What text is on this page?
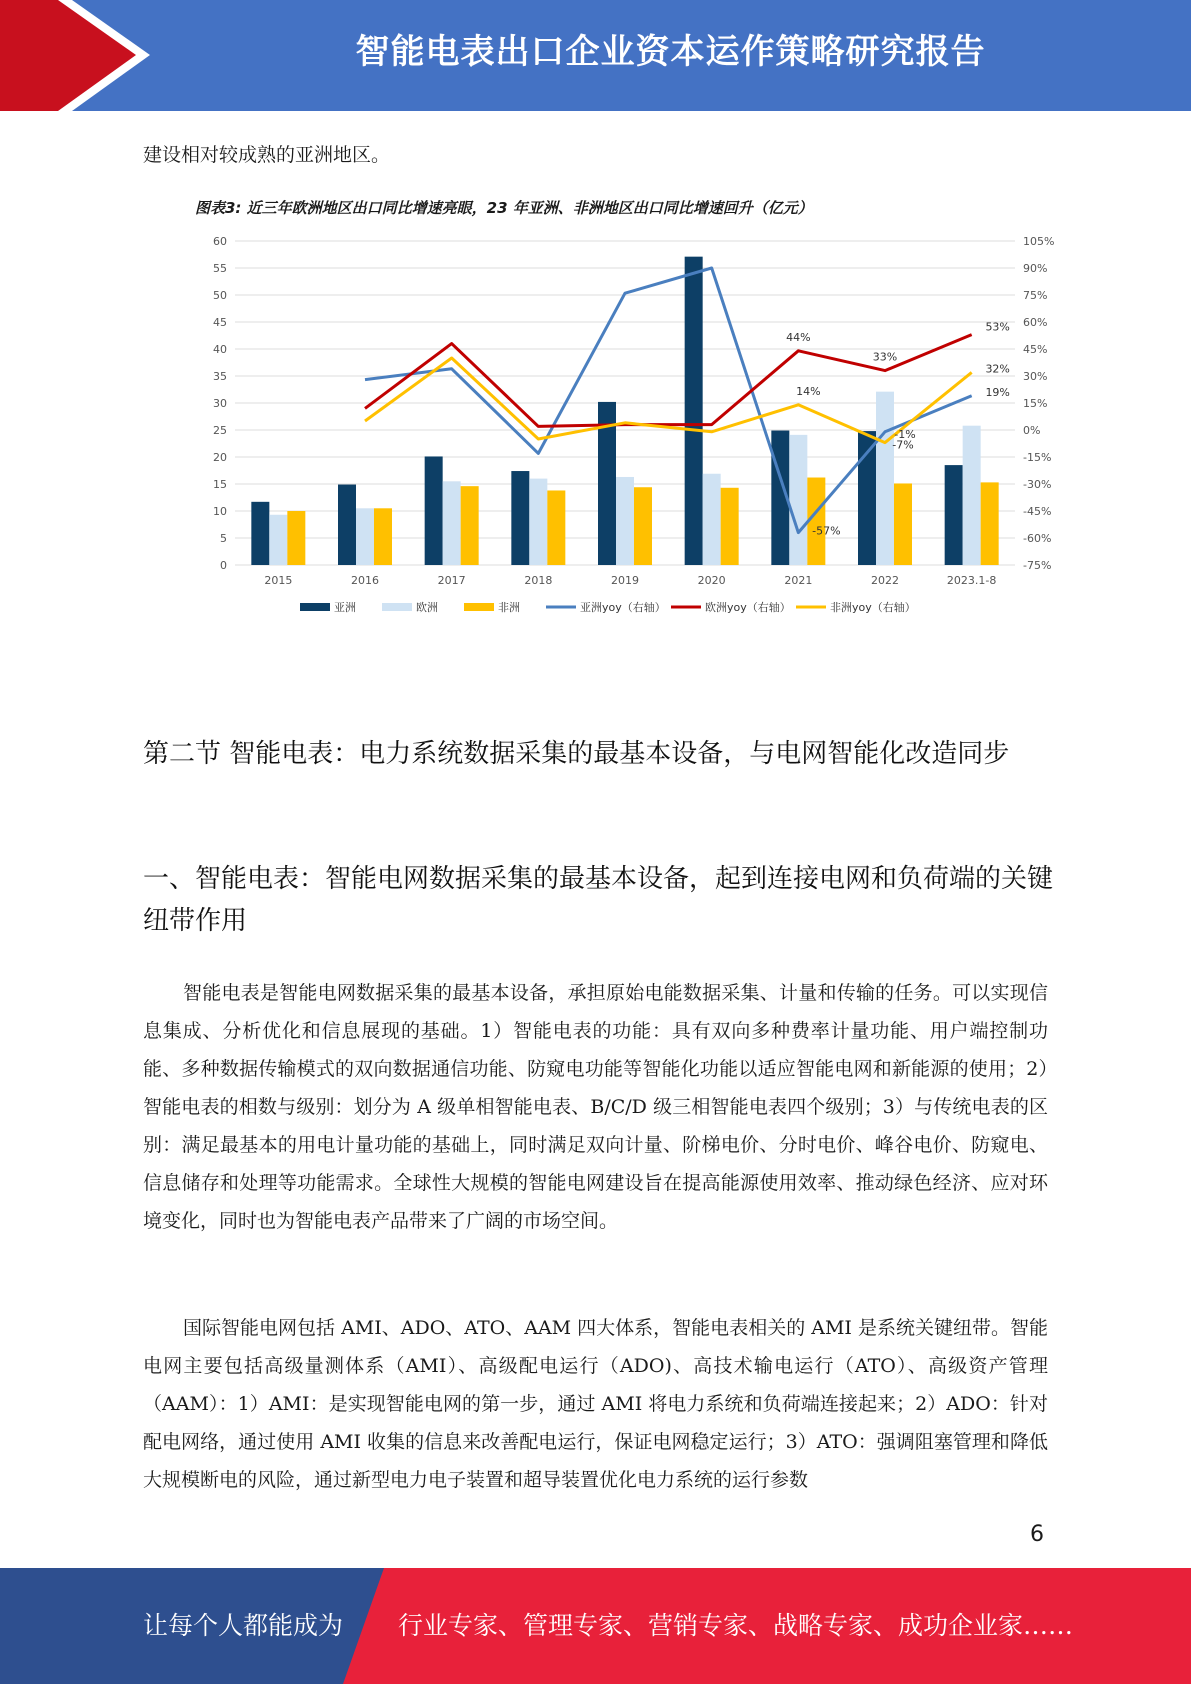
智能电表出口企业资本运作策略研究报告
建设相对较成熟的亚洲地区。
图表3: 近三年欧洲地区出口同比增速亮眼，23 年亚洲、非洲地区出口同比增速回升（亿元）
0
5
10
15
20
25
30
35
40
45
50
55
60
-75%
-60%
-45%
-30%
-15%
0%
15%
30%
45%
60%
75%
90%
105%
2015	2016	2017	2018	2019	2020	2021	2022	2023.1-8
44%
33%
53%
14%
32%
19%
-1%
-7%
-57%
亚洲	欧洲	非洲	亚洲yoy（右轴）	欧洲yoy（右轴）	非洲yoy（右轴）
第二节 智能电表：电力系统数据采集的最基本设备，与电网智能化改造同步
一、智能电表：智能电网数据采集的最基本设备，起到连接电网和负荷端的关键纽带作用

智能电表是智能电网数据采集的最基本设备，承担原始电能数据采集、计量和传输的任务。可以实现信息集成、分析优化和信息展现的基础。1）智能电表的功能：具有双向多种费率计量功能、用户端控制功能、多种数据传输模式的双向数据通信功能、防窥电功能等智能化功能以适应智能电网和新能源的使用；2）智能电表的相数与级别：划分为 A 级单相智能电表、B/C/D 级三相智能电表四个级别；3）与传统电表的区别：满足最基本的用电计量功能的基础上，同时满足双向计量、阶梯电价、分时电价、峰谷电价、防窥电、信息储存和处理等功能需求。全球性大规模的智能电网建设旨在提高能源使用效率、推动绿色经济、应对环境变化，同时也为智能电表产品带来了广阔的市场空间。

国际智能电网包括 AMI、ADO、ATO、AAM 四大体系，智能电表相关的 AMI 是系统关键纽带。智能电网主要包括高级量测体系（AMI）、高级配电运行（ADO)、高技术输电运行（ATO）、高级资产管理（AAM）：1）AMI：是实现智能电网的第一步，通过 AMI 将电力系统和负荷端连接起来；2）ADO：针对配电网络，通过使用 AMI 收集的信息来改善配电运行，保证电网稳定运行；3）ATO：强调阻塞管理和降低大规模断电的风险，通过新型电力电子装置和超导装置优化电力系统的运行参数

6
让每个人都能成为 行业专家、管理专家、营销专家、战略专家、成功企业家……
